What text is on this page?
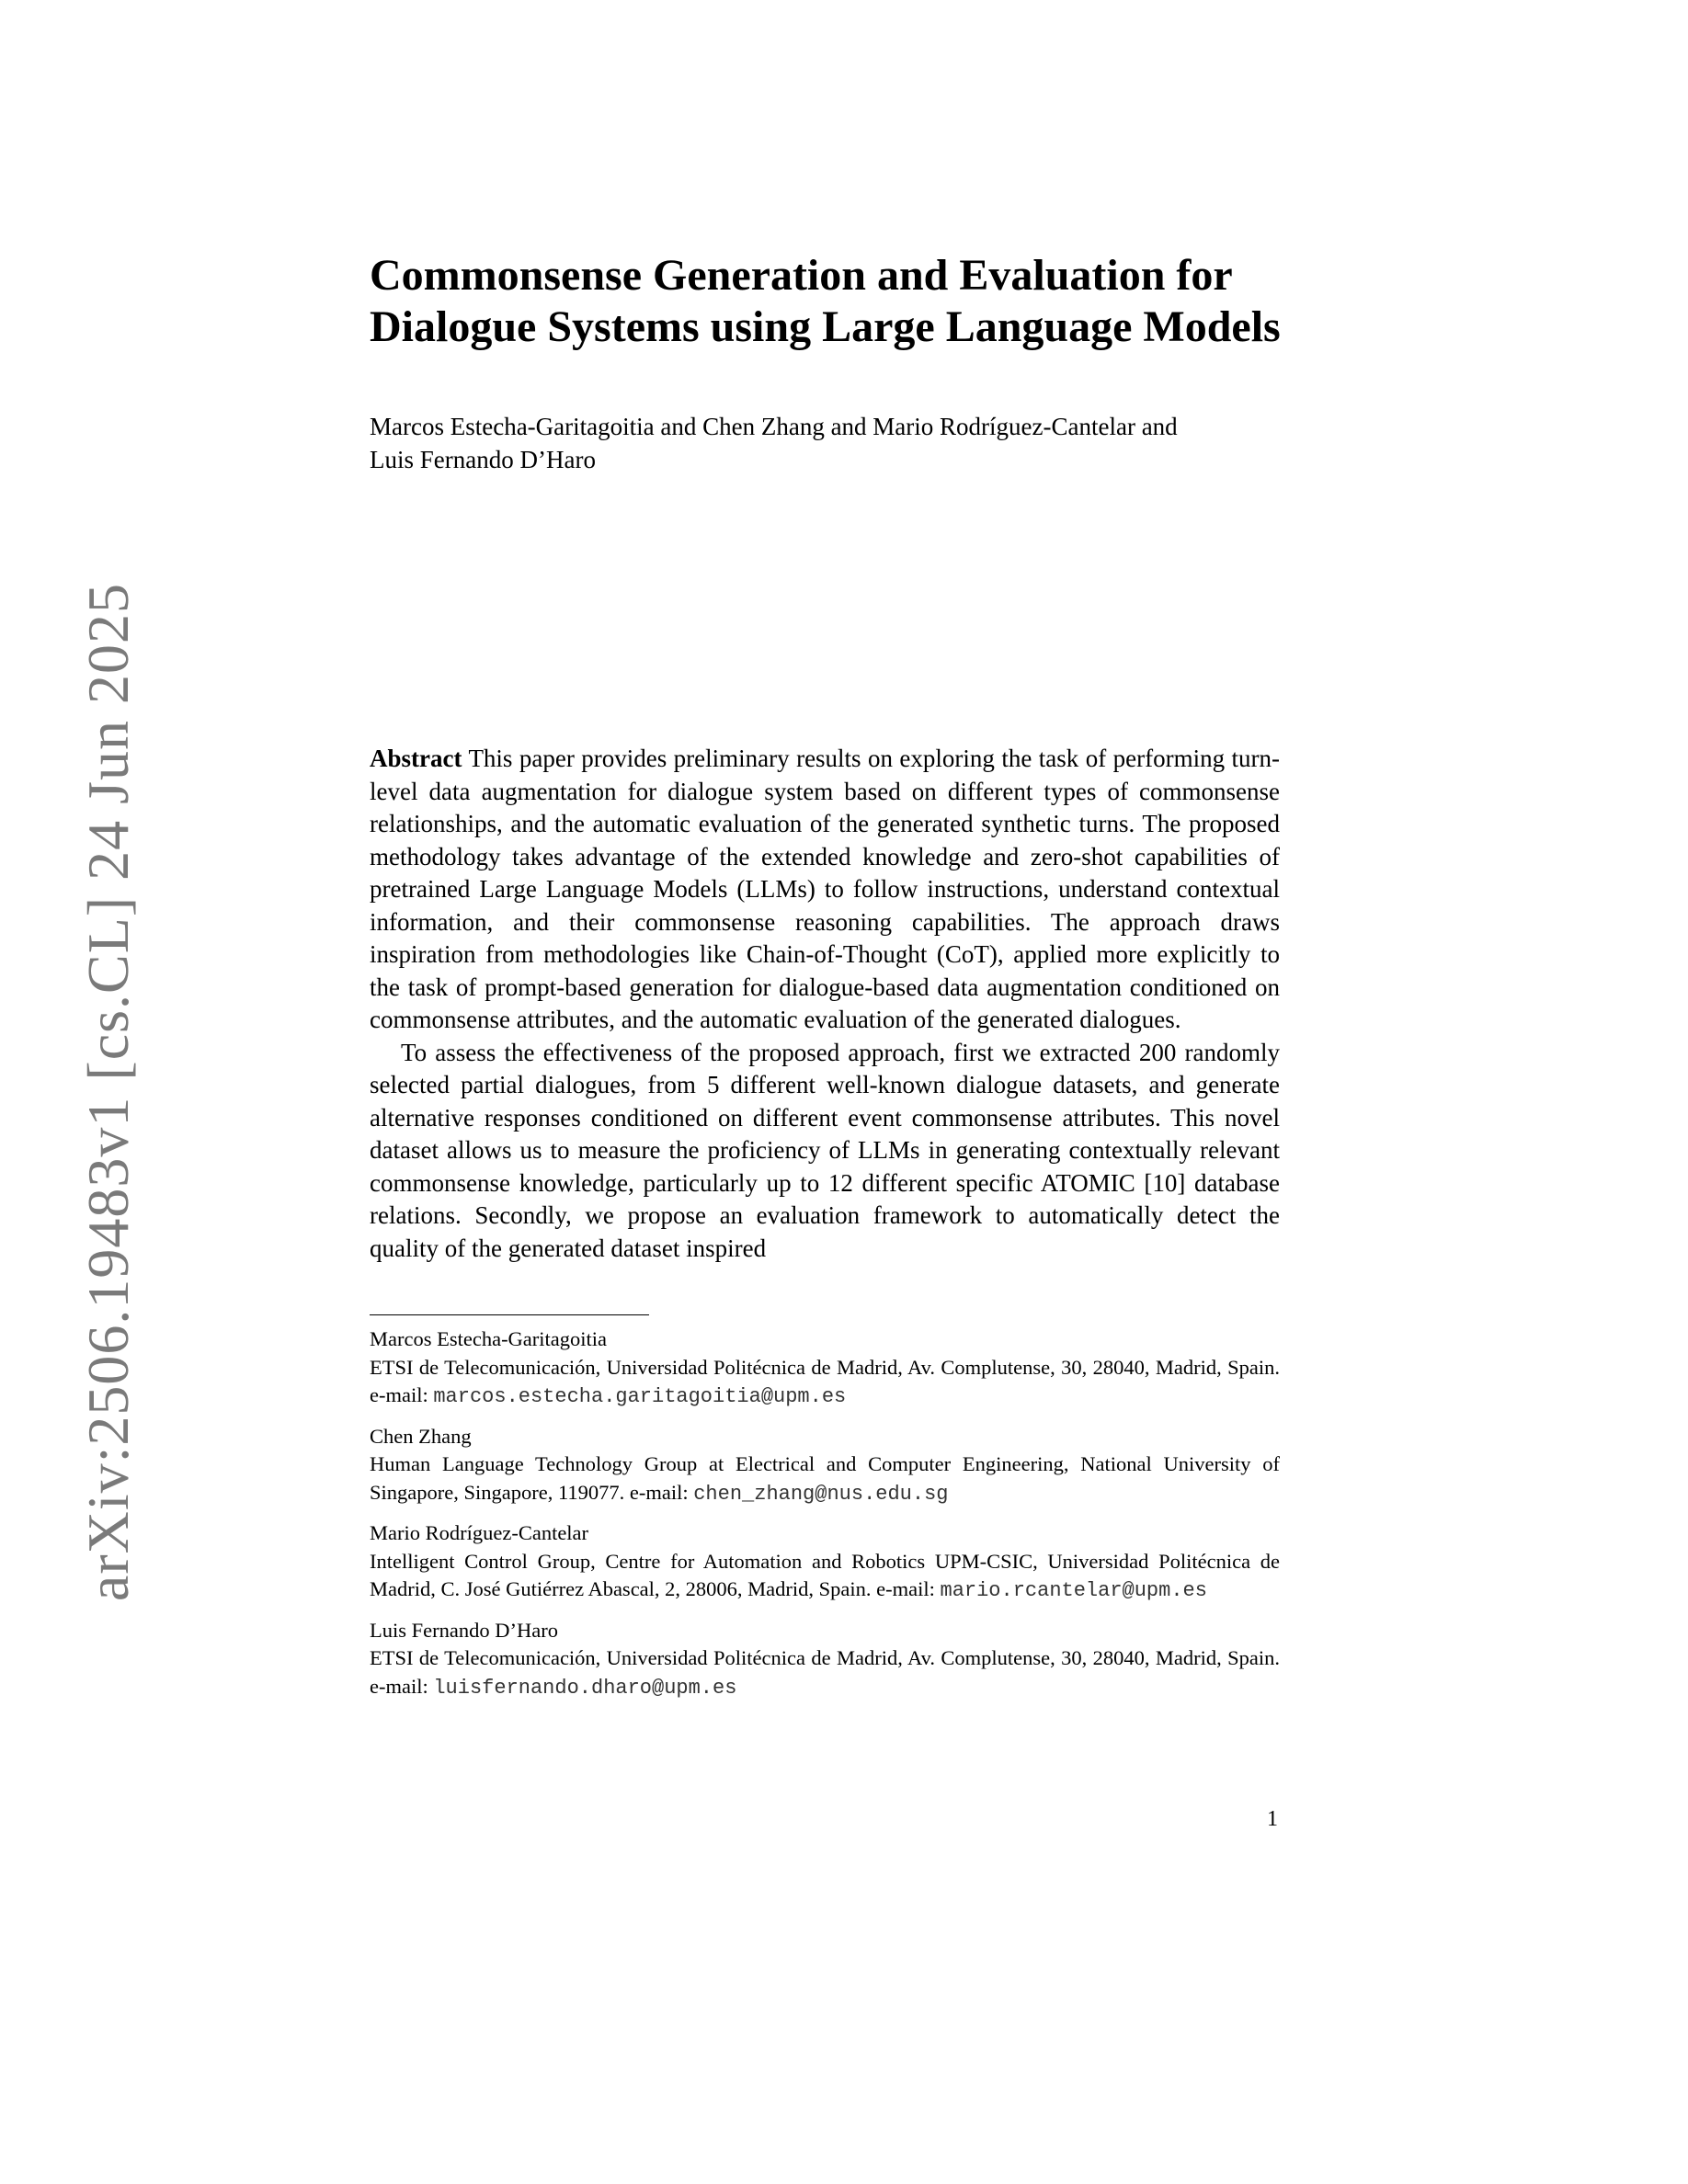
arXiv:2506.19483v1 [cs.CL] 24 Jun 2025
Commonsense Generation and Evaluation for
Dialogue Systems using Large Language Models
Marcos Estecha-Garitagoitia and Chen Zhang and Mario Rodríguez-Cantelar and
Luis Fernando D’Haro

Abstract This paper provides preliminary results on exploring the task of performing turn-level data augmentation for dialogue system based on different types of commonsense relationships, and the automatic evaluation of the generated synthetic turns. The proposed methodology takes advantage of the extended knowledge and zero-shot capabilities of pretrained Large Language Models (LLMs) to follow instructions, understand contextual information, and their commonsense reasoning capabilities. The approach draws inspiration from methodologies like Chain-of-Thought (CoT), applied more explicitly to the task of prompt-based generation for dialogue-based data augmentation conditioned on commonsense attributes, and the automatic evaluation of the generated dialogues.

To assess the effectiveness of the proposed approach, first we extracted 200 randomly selected partial dialogues, from 5 different well-known dialogue datasets, and generate alternative responses conditioned on different event commonsense attributes. This novel dataset allows us to measure the proficiency of LLMs in generating contextually relevant commonsense knowledge, particularly up to 12 different specific ATOMIC [10] database relations. Secondly, we propose an evaluation framework to automatically detect the quality of the generated dataset inspired

Marcos Estecha-Garitagoitia
ETSI de Telecomunicación, Universidad Politécnica de Madrid, Av. Complutense, 30, 28040, Madrid, Spain. e-mail: marcos.estecha.garitagoitia@upm.es
Chen Zhang
Human Language Technology Group at Electrical and Computer Engineering, National University of Singapore, Singapore, 119077. e-mail: chen_zhang@nus.edu.sg
Mario Rodríguez-Cantelar
Intelligent Control Group, Centre for Automation and Robotics UPM-CSIC, Universidad Politécnica de Madrid, C. José Gutiérrez Abascal, 2, 28006, Madrid, Spain. e-mail: mario.rcantelar@upm.es
Luis Fernando D’Haro
ETSI de Telecomunicación, Universidad Politécnica de Madrid, Av. Complutense, 30, 28040, Madrid, Spain. e-mail: luisfernando.dharo@upm.es
1
